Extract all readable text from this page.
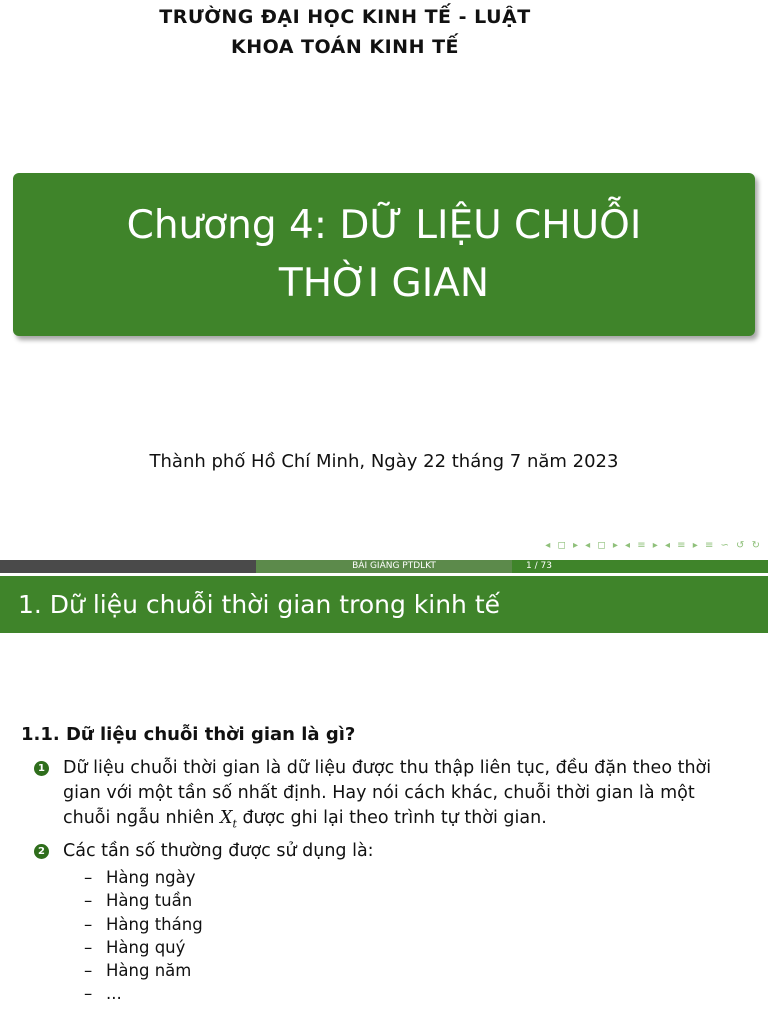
TRƯỜNG ĐẠI HỌC KINH TẾ - LUẬT
KHOA TOÁN KINH TẾ
Chương 4: DỮ LIỆU CHUỖI THỜI GIAN
Thành phố Hồ Chí Minh, Ngày 22 tháng 7 năm 2023
◂ ◻ ▸ ◂ ◻ ▸ ◂ ≡ ▸ ◂ ≡ ▸ ≡ ∽ ↺ ↻
BÀI GIẢNG PTDLKT	1 / 73
1. Dữ liệu chuỗi thời gian trong kinh tế
1.1. Dữ liệu chuỗi thời gian là gì?
1 Dữ liệu chuỗi thời gian là dữ liệu được thu thập liên tục, đều đặn theo thời gian với một tần số nhất định. Hay nói cách khác, chuỗi thời gian là một chuỗi ngẫu nhiên $X_t$ được ghi lại theo trình tự thời gian.
2 Các tần số thường được sử dụng là:
– Hàng ngày
– Hàng tuần
– Hàng tháng
– Hàng quý
– Hàng năm
– ...
